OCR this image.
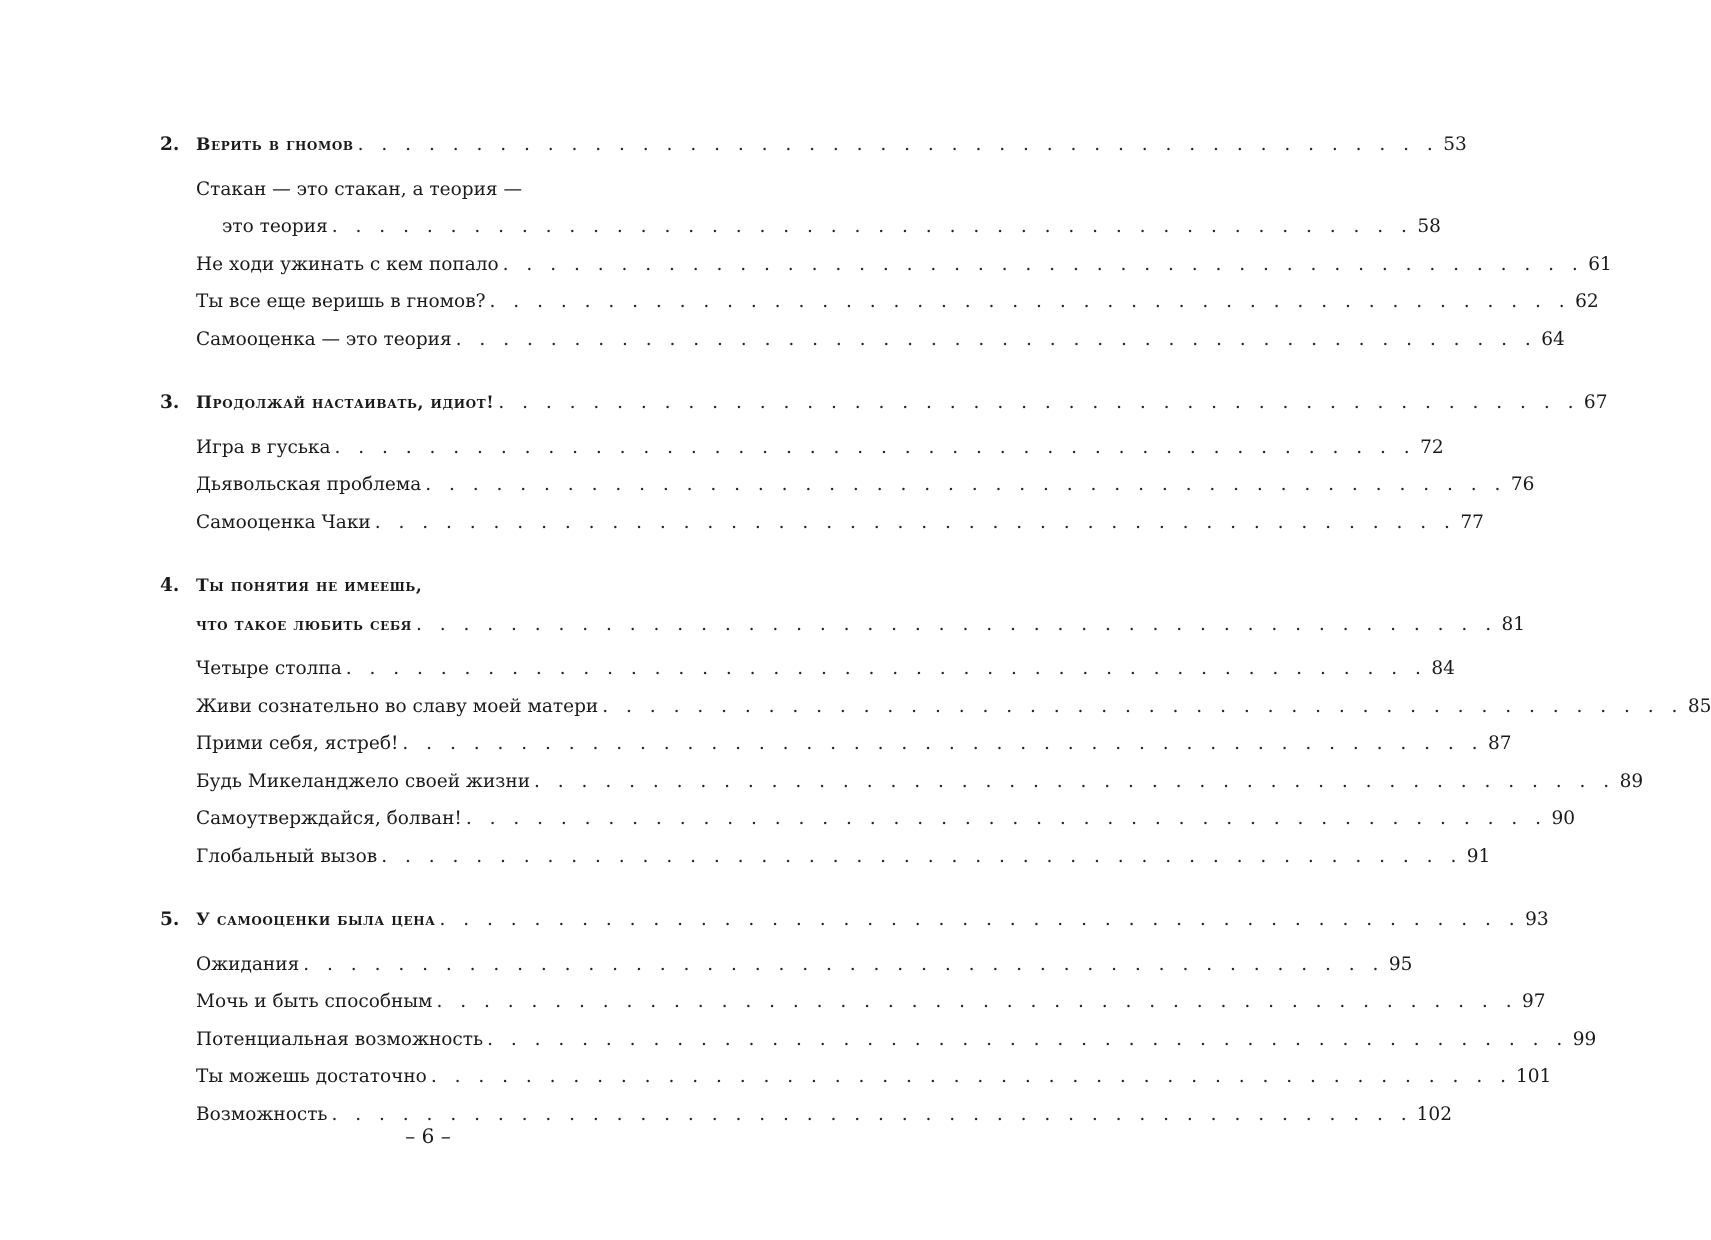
2. Верить в гномов . . . . . . . . . . . . . . . . . . . . . . . . . . . . . . . . . . . . . . . . . . . . . . 53
Стакан — это стакан, а теория —
это теория . . . . . . . . . . . . . . . . . . . . . . . . . . . . . . . . . . . . . . . . . . . . . . 58
Не ходи ужинать с кем попало . . . . . . . . . . . . . . . . . . . . . . . . . . . . . . . . . . . . . . . . . . . . . . 61
Ты все еще веришь в гномов? . . . . . . . . . . . . . . . . . . . . . . . . . . . . . . . . . . . . . . . . . . . . . . 62
Самооценка — это теория . . . . . . . . . . . . . . . . . . . . . . . . . . . . . . . . . . . . . . . . . . . . . . 64
3. Продолжай настаивать, идиот! . . . . . . . . . . . . . . . . . . . . . . . . . . . . . . . . . . . . . . . . . . . . . . 67
Игра в гуська . . . . . . . . . . . . . . . . . . . . . . . . . . . . . . . . . . . . . . . . . . . . . . 72
Дьявольская проблема . . . . . . . . . . . . . . . . . . . . . . . . . . . . . . . . . . . . . . . . . . . . . . 76
Самооценка Чаки . . . . . . . . . . . . . . . . . . . . . . . . . . . . . . . . . . . . . . . . . . . . . . 77
4. Ты понятия не имеешь,
что такое любить себя . . . . . . . . . . . . . . . . . . . . . . . . . . . . . . . . . . . . . . . . . . . . . . 81
Четыре столпа . . . . . . . . . . . . . . . . . . . . . . . . . . . . . . . . . . . . . . . . . . . . . . 84
Живи сознательно во славу моей матери . . . . . . . . . . . . . . . . . . . . . . . . . . . . . . . . . . . . . . . . . . . . . . 85
Прими себя, ястреб! . . . . . . . . . . . . . . . . . . . . . . . . . . . . . . . . . . . . . . . . . . . . . . 87
Будь Микеланджело своей жизни . . . . . . . . . . . . . . . . . . . . . . . . . . . . . . . . . . . . . . . . . . . . . . 89
Самоутверждайся, болван! . . . . . . . . . . . . . . . . . . . . . . . . . . . . . . . . . . . . . . . . . . . . . . 90
Глобальный вызов . . . . . . . . . . . . . . . . . . . . . . . . . . . . . . . . . . . . . . . . . . . . . . 91
5. У самооценки была цена . . . . . . . . . . . . . . . . . . . . . . . . . . . . . . . . . . . . . . . . . . . . . . 93
Ожидания . . . . . . . . . . . . . . . . . . . . . . . . . . . . . . . . . . . . . . . . . . . . . . 95
Мочь и быть способным . . . . . . . . . . . . . . . . . . . . . . . . . . . . . . . . . . . . . . . . . . . . . . 97
Потенциальная возможность . . . . . . . . . . . . . . . . . . . . . . . . . . . . . . . . . . . . . . . . . . . . . . 99
Ты можешь достаточно . . . . . . . . . . . . . . . . . . . . . . . . . . . . . . . . . . . . . . . . . . . . . . 101
Возможность . . . . . . . . . . . . . . . . . . . . . . . . . . . . . . . . . . . . . . . . . . . . . . 102
– 6 –
